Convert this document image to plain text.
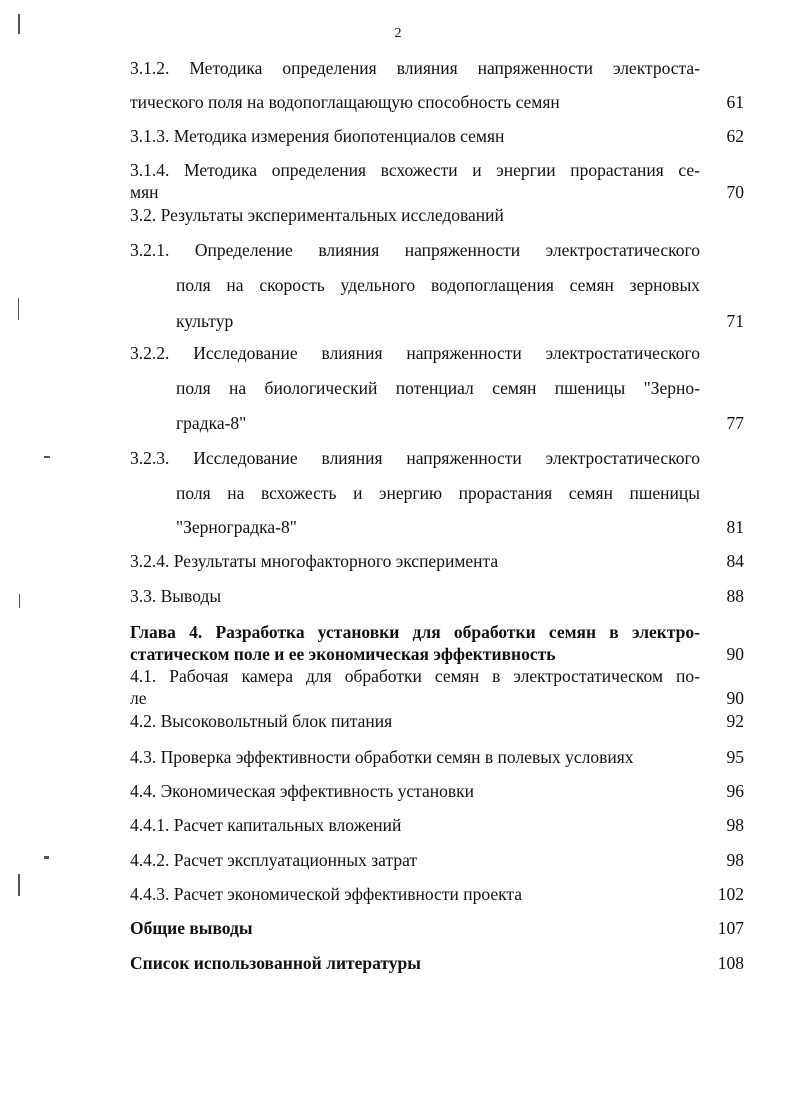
2
3.1.2. Методика определения влияния напряженности электроста-
тического поля на водопоглащающую способность семян	61
3.1.3. Методика измерения биопотенциалов семян	62
3.1.4. Методика определения всхожести и энергии прорастания се-
мян	70
3.2. Результаты экспериментальных исследований
3.2.1. Определение влияния напряженности электростатического
поля на скорость удельного водопоглащения семян зерновых
культур	71
3.2.2. Исследование влияния напряженности электростатического
поля на биологический потенциал семян пшеницы "Зерно-
градка-8"	77
3.2.3. Исследование влияния напряженности электростатического
поля на всхожесть и энергию прорастания семян пшеницы
"Зерноградка-8"	81
3.2.4. Результаты многофакторного эксперимента	84
3.3. Выводы	88
Глава 4. Разработка установки для обработки семян в электро-
статическом поле и ее экономическая эффективность	90
4.1. Рабочая камера для обработки семян в электростатическом по-
ле	90
4.2. Высоковольтный блок питания	92
4.3. Проверка эффективности обработки семян в полевых условиях	95
4.4. Экономическая эффективность установки	96
4.4.1. Расчет капитальных вложений	98
4.4.2. Расчет эксплуатационных затрат	98
4.4.3. Расчет экономической эффективности проекта	102
Общие выводы	107
Список использованной литературы	108
